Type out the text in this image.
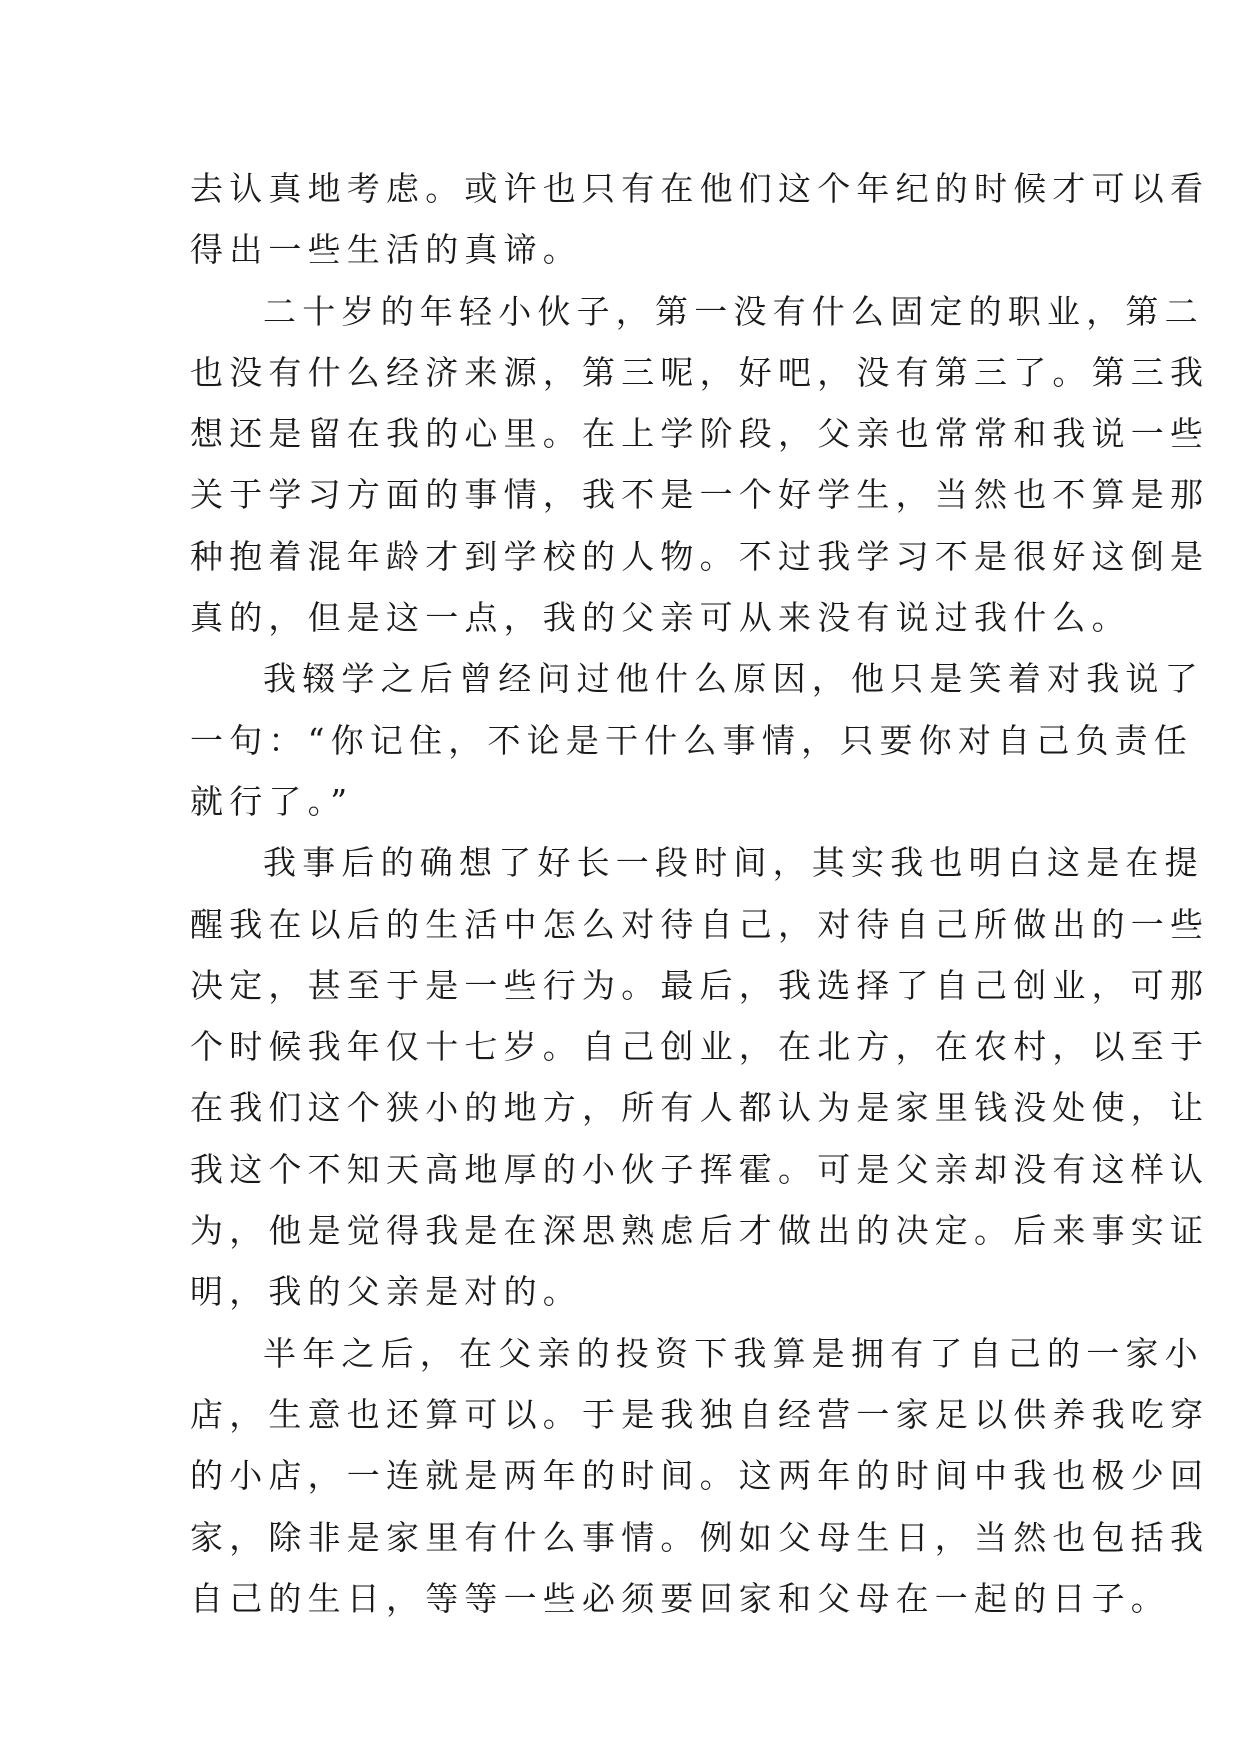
去认真地考虑。或许也只有在他们这个年纪的时候才可以看
得出一些生活的真谛。
二十岁的年轻小伙子，第一没有什么固定的职业，第二
也没有什么经济来源，第三呢，好吧，没有第三了。第三我
想还是留在我的心里。在上学阶段，父亲也常常和我说一些
关于学习方面的事情，我不是一个好学生，当然也不算是那
种抱着混年龄才到学校的人物。不过我学习不是很好这倒是
真的，但是这一点，我的父亲可从来没有说过我什么。
我辍学之后曾经问过他什么原因，他只是笑着对我说了
一句：“你记住，不论是干什么事情，只要你对自己负责任
就行了。”
我事后的确想了好长一段时间，其实我也明白这是在提
醒我在以后的生活中怎么对待自己，对待自己所做出的一些
决定，甚至于是一些行为。最后，我选择了自己创业，可那
个时候我年仅十七岁。自己创业，在北方，在农村，以至于
在我们这个狭小的地方，所有人都认为是家里钱没处使，让
我这个不知天高地厚的小伙子挥霍。可是父亲却没有这样认
为，他是觉得我是在深思熟虑后才做出的决定。后来事实证
明，我的父亲是对的。
半年之后，在父亲的投资下我算是拥有了自己的一家小
店，生意也还算可以。于是我独自经营一家足以供养我吃穿
的小店，一连就是两年的时间。这两年的时间中我也极少回
家，除非是家里有什么事情。例如父母生日，当然也包括我
自己的生日，等等一些必须要回家和父母在一起的日子。
